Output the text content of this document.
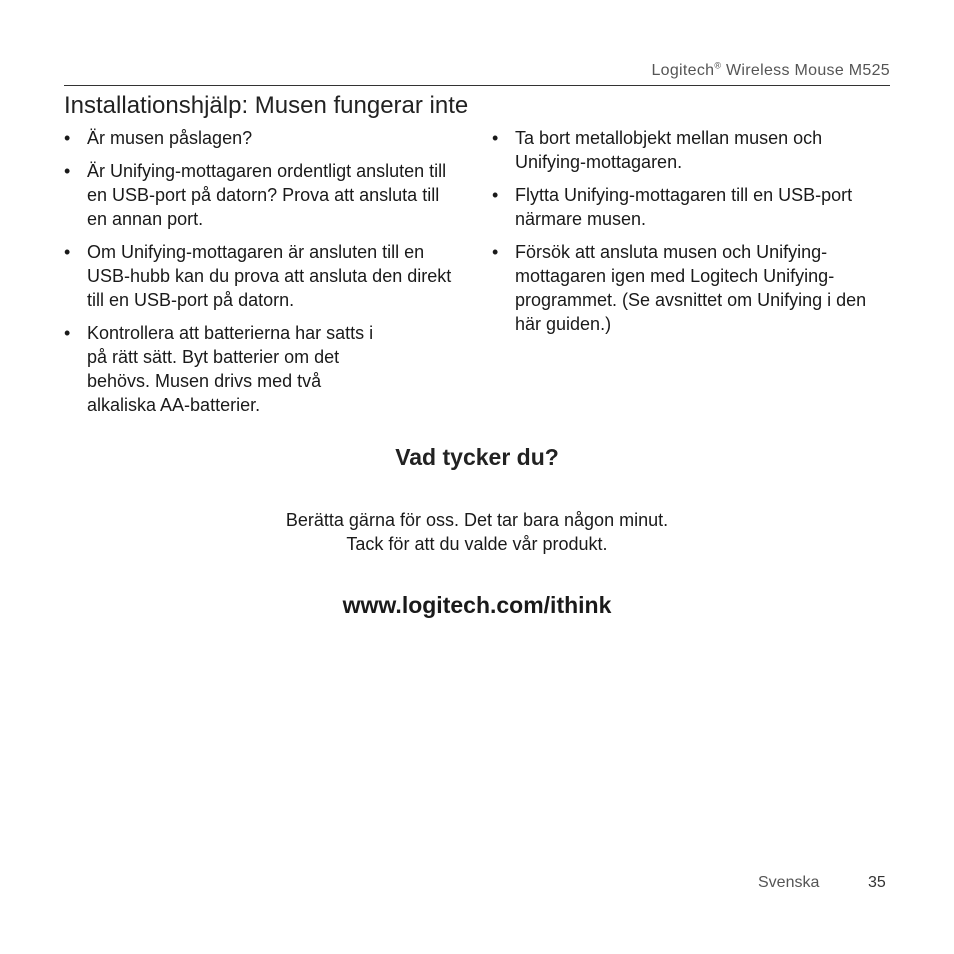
Logitech® Wireless Mouse M525
Installationshjälp: Musen fungerar inte
• Är musen påslagen?
• Är Unifying-mottagaren ordentligt ansluten till en USB-port på datorn? Prova att ansluta till en annan port.
• Om Unifying-mottagaren är ansluten till en USB-hubb kan du prova att ansluta den direkt till en USB-port på datorn.
• Kontrollera att batterierna har satts i på rätt sätt. Byt batterier om det behövs. Musen drivs med två alkaliska AA-batterier.
• Ta bort metallobjekt mellan musen och Unifying-mottagaren.
• Flytta Unifying-mottagaren till en USB-port närmare musen.
• Försök att ansluta musen och Unifying-mottagaren igen med Logitech Unifying-programmet. (Se avsnittet om Unifying i den här guiden.)
Vad tycker du?
Berätta gärna för oss. Det tar bara någon minut.
Tack för att du valde vår produkt.
www.logitech.com/ithink
Svenska	35
